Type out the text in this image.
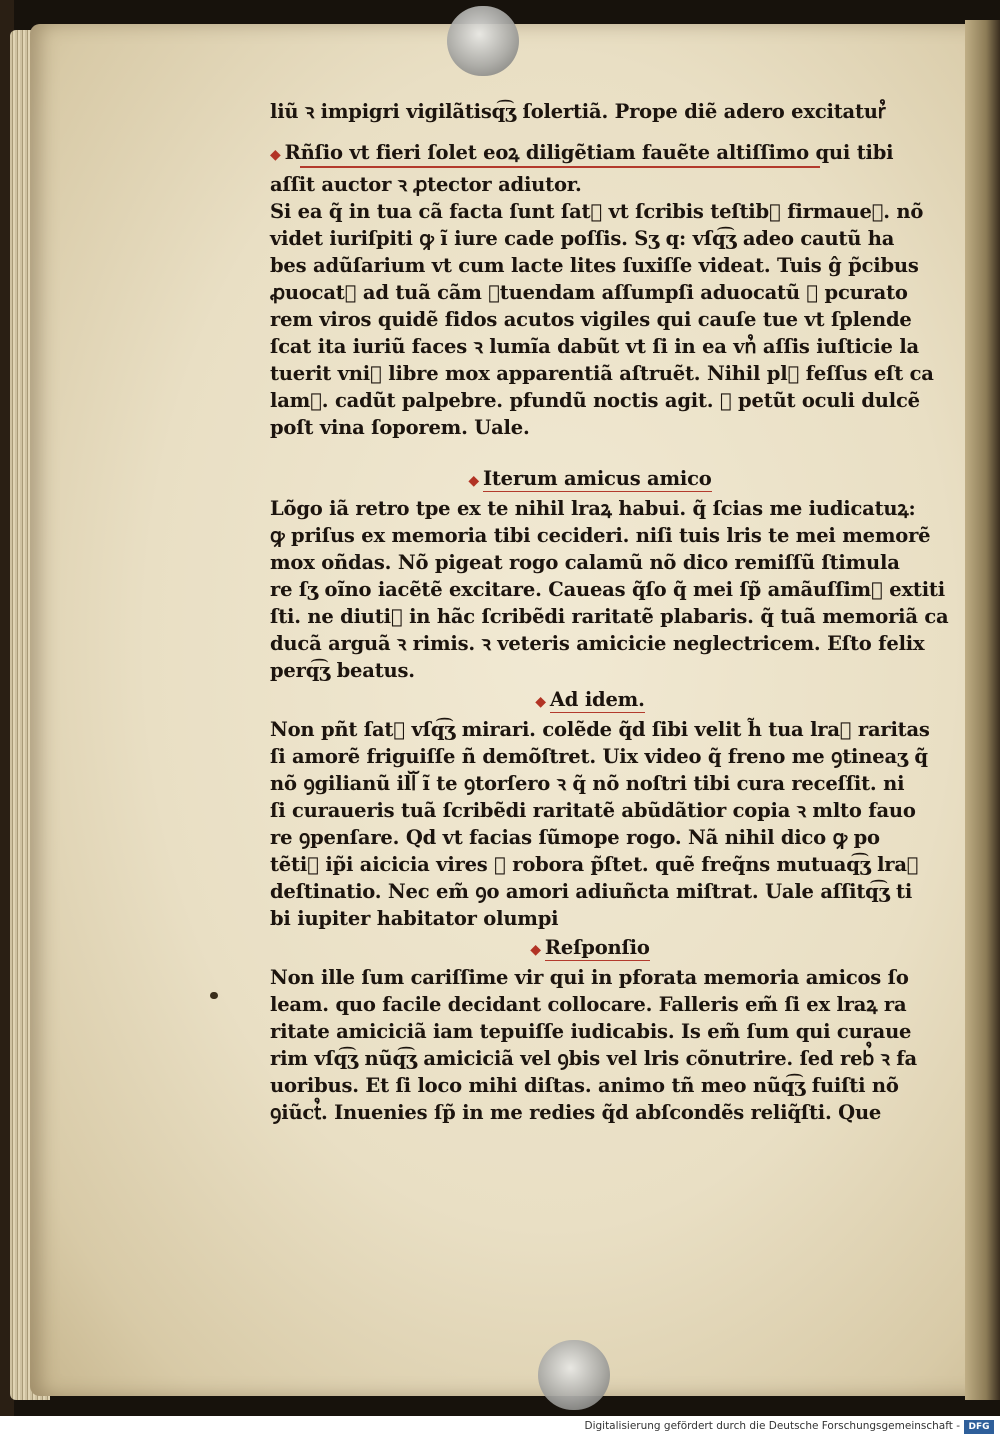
liũ ꝛ impigri vigilãtisq͡ʒ ſolertiã. Prope diẽ adero excitatur᷒
◆ Rñſio vt fieri ſolet eoꝝ diligẽtiam fauẽte altiſſimo qui tibi
aſſit auctor ꝛ ꝓtector adiutor.
Si ea q̃ in tua cã facta ſunt ſat᷒ vt ſcribis teſtib᷒ firmaueꝝ. nõ
videt iuriſpiti ꝙ ĩ iure cade poſſis. Sʒ q: vſq͡ʒ adeo cautũ ha
bes adũſarium vt cum lacte lites ſuxiſſe videat. Tuis ĝ p̃cibus
ꝓuocat᷒ ad tuã cãm ꝯtuendam aſſumpſi aduocatũ ꝛ pcurato
rem viros quidẽ fidos acutos vigiles qui cauſe tue vt ſplende
ſcat ita iuriũ faces ꝛ lumĩa dabũt vt ſi in ea vn᷒ aſſis iuſticie la
tuerit vni᷒ libre mox apparentiã aſtruẽt. Nihil pl᷒ feſſus eſt ca
lam᷒. cadũt palpebre. pfundũ noctis agit. ꝛ petũt oculi dulcẽ
poſt vina ſoporem. Uale.
◆ Iterum amicus amico
Lõgo iã retro tpe ex te nihil lraꝝ habui. q̃ ſcias me iudicatuꝝ:
ꝙ priſus ex memoria tibi cecideri. niſi tuis lris te mei memorẽ
mox oñdas. Nõ pigeat rogo calamũ nõ dico remiſſũ ſtimula
re ſʒ oĩno iacẽtẽ excitare. Caueas q̃ſo q̃ mei ſp̃ amãuſſim᷒ extiti
ſti. ne diuti᷒ in hãc ſcribẽdi raritatẽ plabaris. q̃ tuã memoriã ca
ducã arguã ꝛ rimis. ꝛ veteris amicicie neglectricem. Eſto felix
perq͡ʒ beatus.
◆ Ad idem.
Non pñt ſat᷒ vſq͡ʒ mirari. colẽde q̃d ſibi velit h̃ tua lraꝝ raritas
ſi amorẽ friguiſſe ñ demõſtret. Uix video q̃ freno me ꝯtineaʒ q̃
nõ ꝯgilianũ illᷓ ĩ te ꝯtorſero ꝛ q̃ nõ noſtri tibi cura receſſit. ni
ſi curaueris tuã ſcribẽdi raritatẽ abũdãtior copia ꝛ mlto fauo
re ꝯpenſare. Qd vt facias ſũmope rogo. Nã nihil dico ꝙ po
tẽti᷒ ip̃i aicicia vires ꝛ robora p̃ſtet. quẽ freq̃ns mutuaq͡ʒ lraꝝ
deſtinatio. Nec em̃ ꝯo amori adiuñcta miſtrat. Uale aſſitq͡ʒ ti
bi iupiter habitator olumpi
◆ Reſponſio
Non ille ſum cariſſime vir qui in pforata memoria amicos ſo
leam. quo facile decidant collocare. Falleris em̃ ſi ex lraꝝ ra
ritate amiciciã iam tepuiſſe iudicabis. Is em̃ ſum qui curaue
rim vſq͡ʒ nũq͡ʒ amiciciã vel ꝯbis vel lris cõnutrire. ſed reb᷒ ꝛ fa
uoribus. Et ſi loco mihi diſtas. animo tñ meo nũq͡ʒ fuiſti nõ
ꝯiũct᷒. Inuenies ſp̃ in me redies q̃d abſcondẽs reliq̃ſti. Que
Digitalisierung gefördert durch die Deutsche Forschungsgemeinschaft - DFG
